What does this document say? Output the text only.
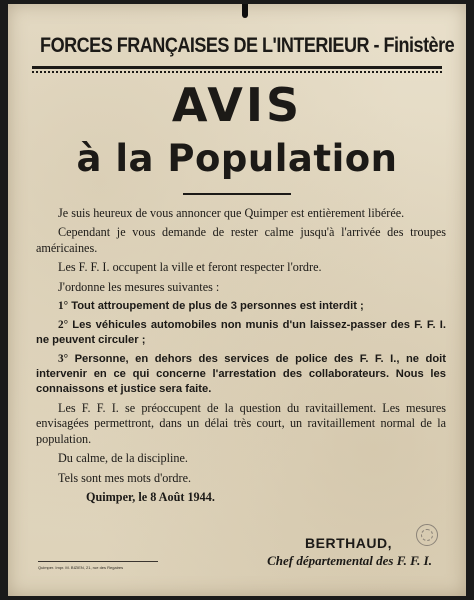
FORCES FRANÇAISES DE L'INTERIEUR - Finistère
AVIS
à la Population

Je suis heureux de vous annoncer que Quimper est entièrement libérée.

Cependant je vous demande de rester calme jusqu'à l'arrivée des troupes américaines.

Les F. F. I. occupent la ville et feront respecter l'ordre.

J'ordonne les mesures suivantes :

1° Tout attroupement de plus de 3 personnes est interdit ;

2° Les véhicules automobiles non munis d'un laissez-passer des F. F. I. ne peuvent circuler ;

3° Personne, en dehors des services de police des F. F. I., ne doit intervenir en ce qui concerne l'arrestation des collaborateurs. Nous les connaissons et justice sera faite.

Les F. F. I. se préoccupent de la question du ravitaillement. Les mesures envisagées permettront, dans un délai très court, un ravitaillement normal de la population.

Du calme, de la discipline.

Tels sont mes mots d'ordre.

Quimper, le 8 Août 1944.

BERTHAUD,
Chef départemental des F. F. I.
Quimper. Impr. M. BIZIEN, 21, rue des Regaires
